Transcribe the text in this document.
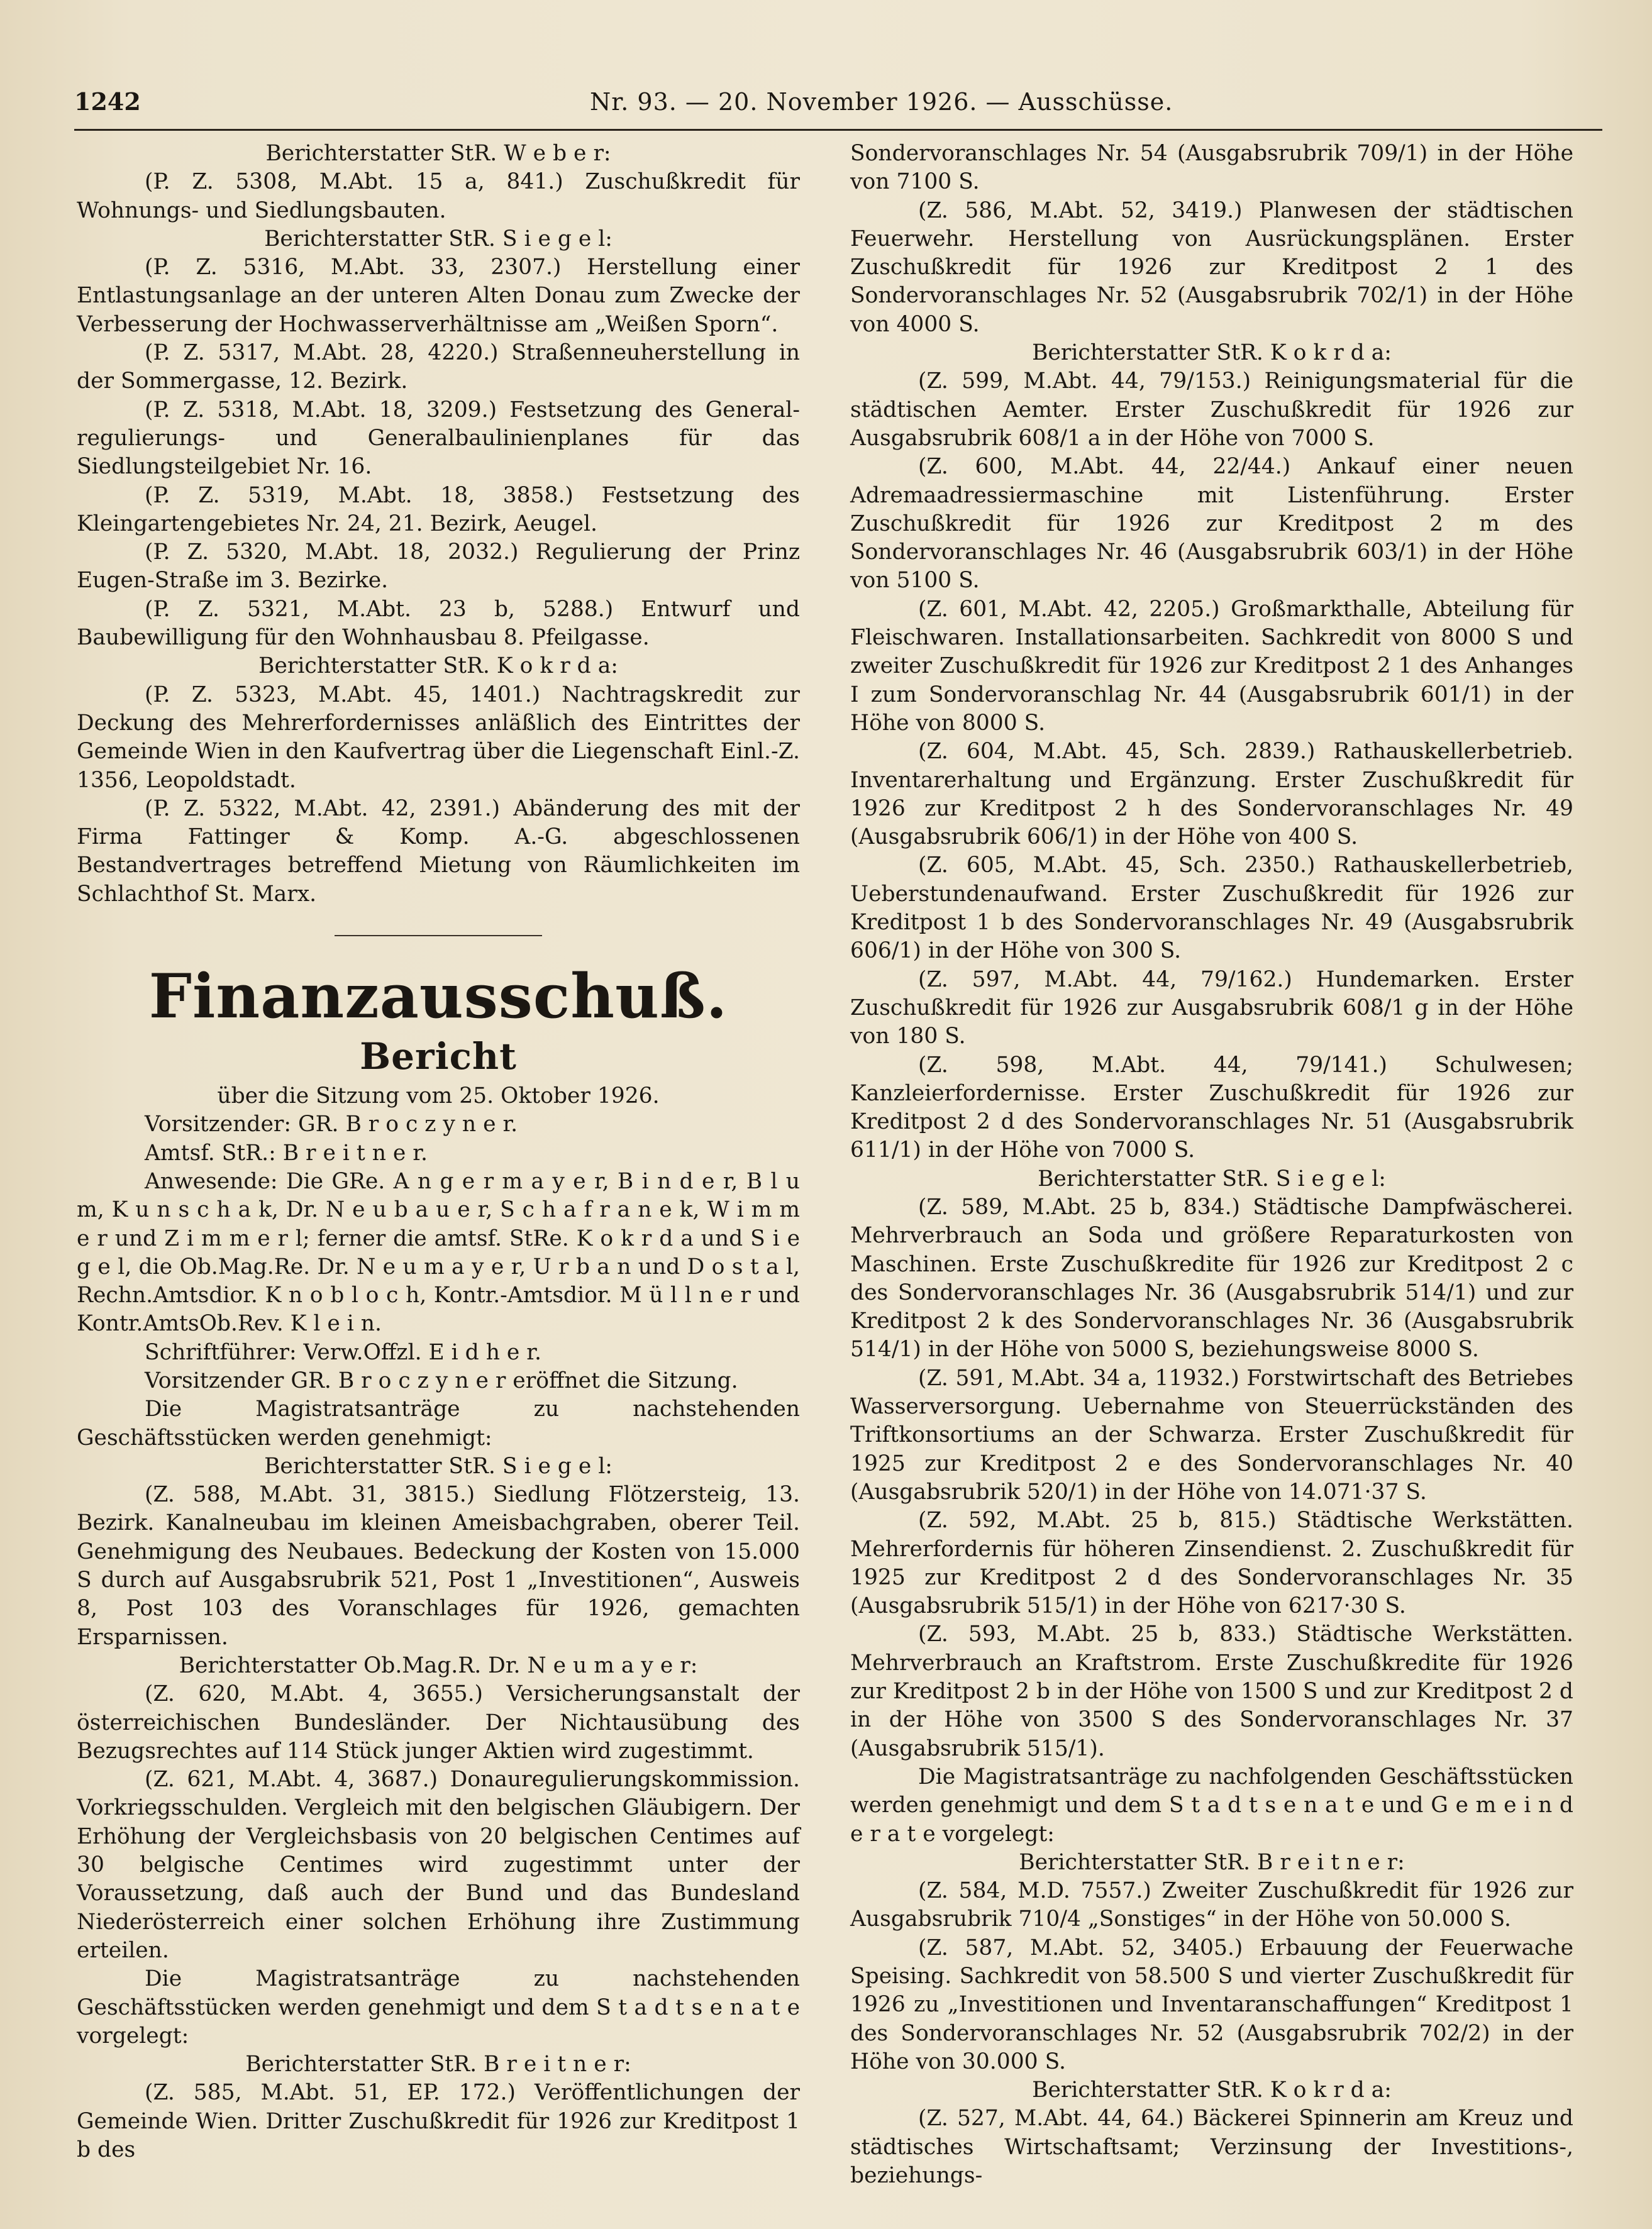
1242	Nr. 93. — 20. November 1926. — Ausschüsse.

Berichterstatter StR. W e b e r:

(P. Z. 5308, M.Abt. 15 a, 841.) Zuschußkredit für Wohnungs- und Siedlungsbauten.

Berichterstatter StR. S i e g e l:

(P. Z. 5316, M.Abt. 33, 2307.) Herstellung einer Entlastungsanlage an der unteren Alten Donau zum Zwecke der Verbesserung der Hochwasserverhältnisse am „Weißen Sporn“.

(P. Z. 5317, M.Abt. 28, 4220.) Straßenneuherstellung in der Sommergasse, 12. Bezirk.

(P. Z. 5318, M.Abt. 18, 3209.) Festsetzung des General- regulierungs- und Generalbaulinienplanes für das Siedlungsteilgebiet Nr. 16.

(P. Z. 5319, M.Abt. 18, 3858.) Festsetzung des Kleingartengebietes Nr. 24, 21. Bezirk, Aeugel.

(P. Z. 5320, M.Abt. 18, 2032.) Regulierung der Prinz Eugen-Straße im 3. Bezirke.

(P. Z. 5321, M.Abt. 23 b, 5288.) Entwurf und Baubewilligung für den Wohnhausbau 8. Pfeilgasse.

Berichterstatter StR. K o k r d a:

(P. Z. 5323, M.Abt. 45, 1401.) Nachtragskredit zur Deckung des Mehrerfordernisses anläßlich des Eintrittes der Gemeinde Wien in den Kaufvertrag über die Liegenschaft Einl.-Z. 1356, Leopoldstadt.

(P. Z. 5322, M.Abt. 42, 2391.) Abänderung des mit der Firma Fattinger & Komp. A.-G. abgeschlossenen Bestandvertrages betreffend Mietung von Räumlichkeiten im Schlachthof St. Marx.

Finanzausschuß.
Bericht

über die Sitzung vom 25. Oktober 1926.

Vorsitzender: GR. B r o c z y n e r.

Amtsf. StR.: B r e i t n e r.

Anwesende: Die GRe. A n g e r m a y e r, B i n d e r, B l u m, K u n s c h a k, Dr. N e u b a u e r, S c h a f r a n e k, W i m m e r und Z i m m e r l; ferner die amtsf. StRe. K o k r d a und S i e g e l, die Ob.Mag.Re. Dr. N e u m a y e r, U r b a n und D o s t a l, Rechn.Amtsdior. K n o b l o c h, Kontr.-Amtsdior. M ü l l n e r und Kontr.AmtsOb.Rev. K l e i n.

Schriftführer: Verw.Offzl. E i d h e r.

Vorsitzender GR. B r o c z y n e r eröffnet die Sitzung.

Die Magistratsanträge zu nachstehenden Geschäftsstücken werden genehmigt:

Berichterstatter StR. S i e g e l:

(Z. 588, M.Abt. 31, 3815.) Siedlung Flötzersteig, 13. Bezirk. Kanalneubau im kleinen Ameisbachgraben, oberer Teil. Genehmigung des Neubaues. Bedeckung der Kosten von 15.000 S durch auf Ausgabsrubrik 521, Post 1 „Investitionen“, Ausweis 8, Post 103 des Voranschlages für 1926, gemachten Ersparnissen.

Berichterstatter Ob.Mag.R. Dr. N e u m a y e r:

(Z. 620, M.Abt. 4, 3655.) Versicherungsanstalt der österreichischen Bundesländer. Der Nichtausübung des Bezugsrechtes auf 114 Stück junger Aktien wird zugestimmt.

(Z. 621, M.Abt. 4, 3687.) Donauregulierungskommission. Vorkriegsschulden. Vergleich mit den belgischen Gläubigern. Der Erhöhung der Vergleichsbasis von 20 belgischen Centimes auf 30 belgische Centimes wird zugestimmt unter der Voraussetzung, daß auch der Bund und das Bundesland Niederösterreich einer solchen Erhöhung ihre Zustimmung erteilen.

Die Magistratsanträge zu nachstehenden Geschäftsstücken werden genehmigt und dem S t a d t s e n a t e vorgelegt:

Berichterstatter StR. B r e i t n e r:

(Z. 585, M.Abt. 51, EP. 172.) Veröffentlichungen der Gemeinde Wien. Dritter Zuschußkredit für 1926 zur Kreditpost 1 b des

Sondervoranschlages Nr. 54 (Ausgabsrubrik 709/1) in der Höhe von 7100 S.

(Z. 586, M.Abt. 52, 3419.) Planwesen der städtischen Feuerwehr. Herstellung von Ausrückungsplänen. Erster Zuschußkredit für 1926 zur Kreditpost 2 1 des Sondervoranschlages Nr. 52 (Ausgabsrubrik 702/1) in der Höhe von 4000 S.

Berichterstatter StR. K o k r d a:

(Z. 599, M.Abt. 44, 79/153.) Reinigungsmaterial für die städtischen Aemter. Erster Zuschußkredit für 1926 zur Ausgabsrubrik 608/1 a in der Höhe von 7000 S.

(Z. 600, M.Abt. 44, 22/44.) Ankauf einer neuen Adremaadressiermaschine mit Listenführung. Erster Zuschußkredit für 1926 zur Kreditpost 2 m des Sondervoranschlages Nr. 46 (Ausgabsrubrik 603/1) in der Höhe von 5100 S.

(Z. 601, M.Abt. 42, 2205.) Großmarkthalle, Abteilung für Fleischwaren. Installationsarbeiten. Sachkredit von 8000 S und zweiter Zuschußkredit für 1926 zur Kreditpost 2 1 des Anhanges I zum Sondervoranschlag Nr. 44 (Ausgabsrubrik 601/1) in der Höhe von 8000 S.

(Z. 604, M.Abt. 45, Sch. 2839.) Rathauskellerbetrieb. Inventarerhaltung und Ergänzung. Erster Zuschußkredit für 1926 zur Kreditpost 2 h des Sondervoranschlages Nr. 49 (Ausgabsrubrik 606/1) in der Höhe von 400 S.

(Z. 605, M.Abt. 45, Sch. 2350.) Rathauskellerbetrieb, Ueberstundenaufwand. Erster Zuschußkredit für 1926 zur Kreditpost 1 b des Sondervoranschlages Nr. 49 (Ausgabsrubrik 606/1) in der Höhe von 300 S.

(Z. 597, M.Abt. 44, 79/162.) Hundemarken. Erster Zuschußkredit für 1926 zur Ausgabsrubrik 608/1 g in der Höhe von 180 S.

(Z. 598, M.Abt. 44, 79/141.) Schulwesen; Kanzleierfordernisse. Erster Zuschußkredit für 1926 zur Kreditpost 2 d des Sondervoranschlages Nr. 51 (Ausgabsrubrik 611/1) in der Höhe von 7000 S.

Berichterstatter StR. S i e g e l:

(Z. 589, M.Abt. 25 b, 834.) Städtische Dampfwäscherei. Mehrverbrauch an Soda und größere Reparaturkosten von Maschinen. Erste Zuschußkredite für 1926 zur Kreditpost 2 c des Sondervoranschlages Nr. 36 (Ausgabsrubrik 514/1) und zur Kreditpost 2 k des Sondervoranschlages Nr. 36 (Ausgabsrubrik 514/1) in der Höhe von 5000 S, beziehungsweise 8000 S.

(Z. 591, M.Abt. 34 a, 11932.) Forstwirtschaft des Betriebes Wasserversorgung. Uebernahme von Steuerrückständen des Triftkonsortiums an der Schwarza. Erster Zuschußkredit für 1925 zur Kreditpost 2 e des Sondervoranschlages Nr. 40 (Ausgabsrubrik 520/1) in der Höhe von 14.071·37 S.

(Z. 592, M.Abt. 25 b, 815.) Städtische Werkstätten. Mehrerfordernis für höheren Zinsendienst. 2. Zuschußkredit für 1925 zur Kreditpost 2 d des Sondervoranschlages Nr. 35 (Ausgabsrubrik 515/1) in der Höhe von 6217·30 S.

(Z. 593, M.Abt. 25 b, 833.) Städtische Werkstätten. Mehrverbrauch an Kraftstrom. Erste Zuschußkredite für 1926 zur Kreditpost 2 b in der Höhe von 1500 S und zur Kreditpost 2 d in der Höhe von 3500 S des Sondervoranschlages Nr. 37 (Ausgabsrubrik 515/1).

Die Magistratsanträge zu nachfolgenden Geschäftsstücken werden genehmigt und dem S t a d t s e n a t e und G e m e i n d e r a t e vorgelegt:

Berichterstatter StR. B r e i t n e r:

(Z. 584, M.D. 7557.) Zweiter Zuschußkredit für 1926 zur Ausgabsrubrik 710/4 „Sonstiges“ in der Höhe von 50.000 S.

(Z. 587, M.Abt. 52, 3405.) Erbauung der Feuerwache Speising. Sachkredit von 58.500 S und vierter Zuschußkredit für 1926 zu „Investitionen und Inventaranschaffungen“ Kreditpost 1 des Sondervoranschlages Nr. 52 (Ausgabsrubrik 702/2) in der Höhe von 30.000 S.

Berichterstatter StR. K o k r d a:

(Z. 527, M.Abt. 44, 64.) Bäckerei Spinnerin am Kreuz und städtisches Wirtschaftsamt; Verzinsung der Investitions-, beziehungs-
